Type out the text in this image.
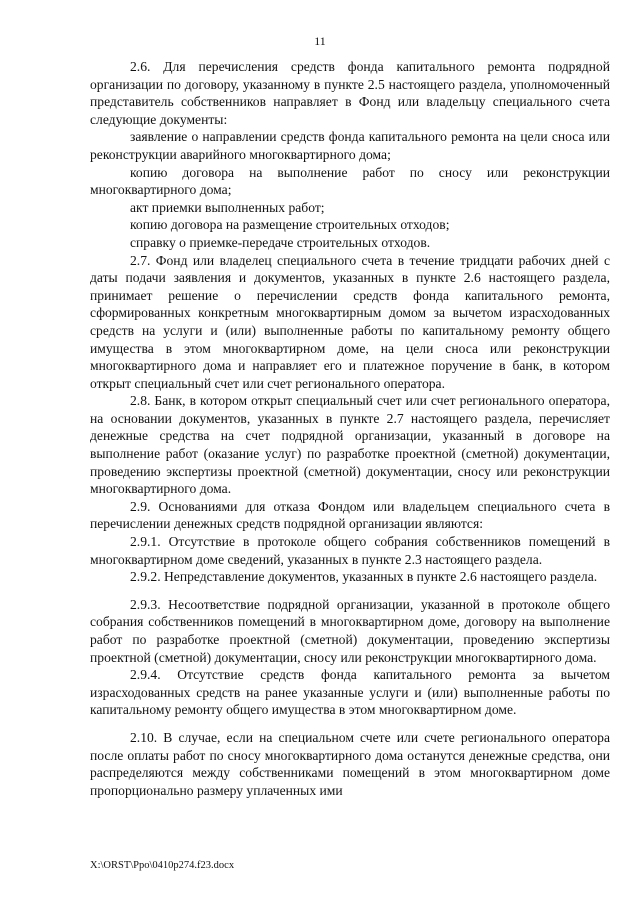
11

2.6. Для перечисления средств фонда капитального ремонта подрядной организации по договору, указанному в пункте 2.5 настоящего раздела, уполномоченный представитель собственников направляет в Фонд или владельцу специального счета следующие документы:

заявление о направлении средств фонда капитального ремонта на цели сноса или реконструкции аварийного многоквартирного дома;

копию договора на выполнение работ по сносу или реконструкции многоквартирного дома;

акт приемки выполненных работ;

копию договора на размещение строительных отходов;

справку о приемке-передаче строительных отходов.

2.7. Фонд или владелец специального счета в течение тридцати рабочих дней с даты подачи заявления и документов, указанных в пункте 2.6 настоящего раздела, принимает решение о перечислении средств фонда капитального ремонта, сформированных конкретным многоквартирным домом за вычетом израсходованных средств на услуги и (или) выполненные работы по капитальному ремонту общего имущества в этом многоквартирном доме, на цели сноса или реконструкции многоквартирного дома и направляет его и платежное поручение в банк, в котором открыт специальный счет или счет регионального оператора.

2.8. Банк, в котором открыт специальный счет или счет регионального оператора, на основании документов, указанных в пункте 2.7 настоящего раздела, перечисляет денежные средства на счет подрядной организации, указанный в договоре на выполнение работ (оказание услуг) по разработке проектной (сметной) документации, проведению экспертизы проектной (сметной) документации, сносу или реконструкции многоквартирного дома.

2.9. Основаниями для отказа Фондом или владельцем специального счета в перечислении денежных средств подрядной организации являются:

2.9.1. Отсутствие в протоколе общего собрания собственников помещений в многоквартирном доме сведений, указанных в пункте 2.3 настоящего раздела.

2.9.2. Непредставление документов, указанных в пункте 2.6 настоящего раздела.

2.9.3. Несоответствие подрядной организации, указанной в протоколе общего собрания собственников помещений в многоквартирном доме, договору на выполнение работ по разработке проектной (сметной) документации, проведению экспертизы проектной (сметной) документации, сносу или реконструкции многоквартирного дома.

2.9.4. Отсутствие средств фонда капитального ремонта за вычетом израсходованных средств на ранее указанные услуги и (или) выполненные работы по капитальному ремонту общего имущества в этом многоквартирном доме.

2.10. В случае, если на специальном счете или счете регионального оператора после оплаты работ по сносу многоквартирного дома останутся денежные средства, они распределяются между собственниками помещений в этом многоквартирном доме пропорционально размеру уплаченных ими

X:\ORST\Ppo\0410p274.f23.docx
